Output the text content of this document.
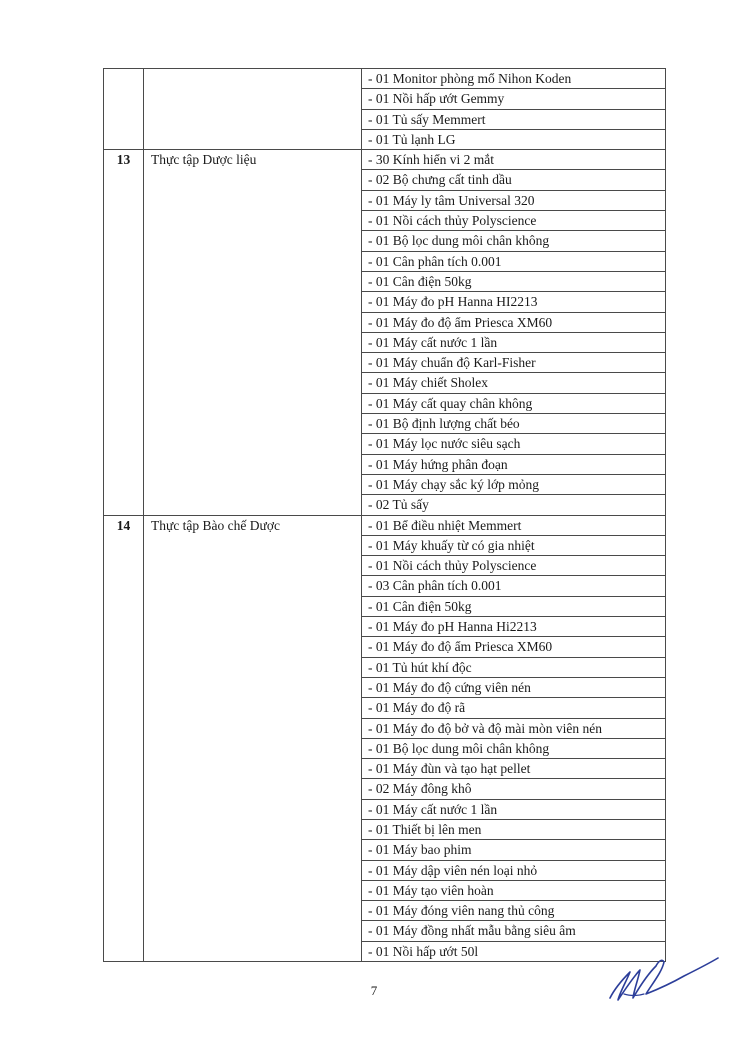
		- 01 Monitor phòng mổ Nihon Koden
		- 01 Nồi hấp ướt Gemmy
		- 01 Tủ sấy Memmert
		- 01 Tủ lạnh LG
13	Thực tập Dược liệu	- 30 Kính hiển vi 2 mắt
		- 02 Bộ chưng cất tinh dầu
		- 01 Máy ly tâm Universal 320
		- 01 Nồi cách thủy Polyscience
		- 01 Bộ lọc dung môi chân không
		- 01 Cân phân tích 0.001
		- 01 Cân điện 50kg
		- 01 Máy đo pH Hanna HI2213
		- 01 Máy đo độ ẩm Priesca XM60
		- 01 Máy cất nước 1 lần
		- 01 Máy chuẩn độ Karl-Fisher
		- 01 Máy chiết Sholex
		- 01 Máy cất quay chân không
		- 01 Bộ định lượng chất béo
		- 01 Máy lọc nước siêu sạch
		- 01 Máy hứng phân đoạn
		- 01 Máy chạy sắc ký lớp mỏng
		- 02 Tủ sấy
14	Thực tập Bào chế Dược	- 01 Bể điều nhiệt Memmert
		- 01 Máy khuấy từ có gia nhiệt
		- 01 Nồi cách thủy Polyscience
		- 03 Cân phân tích 0.001
		- 01 Cân điện 50kg
		- 01 Máy đo pH Hanna Hi2213
		- 01 Máy đo độ ẩm Priesca XM60
		- 01 Tủ hút khí độc
		- 01 Máy đo độ cứng viên nén
		- 01 Máy đo độ rã
		- 01 Máy đo độ bở và độ mài mòn viên nén
		- 01 Bộ lọc dung môi chân không
		- 01 Máy đùn và tạo hạt pellet
		- 02 Máy đông khô
		- 01 Máy cất nước 1 lần
		- 01 Thiết bị lên men
		- 01 Máy bao phim
		- 01 Máy dập viên nén loại nhỏ
		- 01 Máy tạo viên hoàn
		- 01 Máy đóng viên nang thủ công
		- 01 Máy đồng nhất mẫu bằng siêu âm
		- 01 Nồi hấp ướt 50l
7
